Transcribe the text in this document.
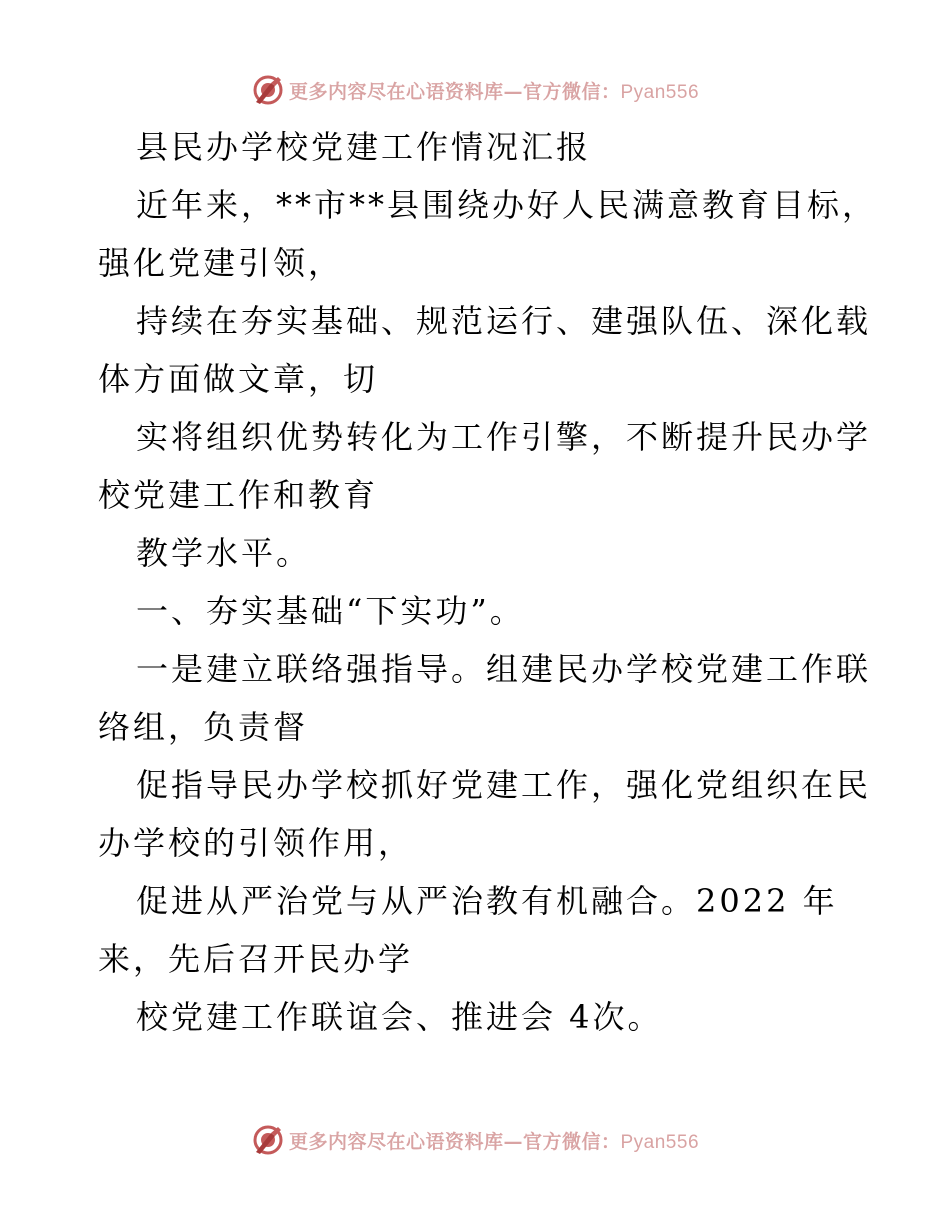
更多内容尽在心语资料库—官方微信：Pyan556
县民办学校党建工作情况汇报
近年来，**市**县围绕办好人民满意教育目标，
强化党建引领，
持续在夯实基础、规范运行、建强队伍、深化载
体方面做文章，切
实将组织优势转化为工作引擎，不断提升民办学
校党建工作和教育
教学水平。
一、夯实基础“下实功”。
一是建立联络强指导。组建民办学校党建工作联
络组，负责督
促指导民办学校抓好党建工作，强化党组织在民
办学校的引领作用，
促进从严治党与从严治教有机融合。2022 年
来，先后召开民办学
校党建工作联谊会、推进会 4次。
更多内容尽在心语资料库—官方微信：Pyan556
